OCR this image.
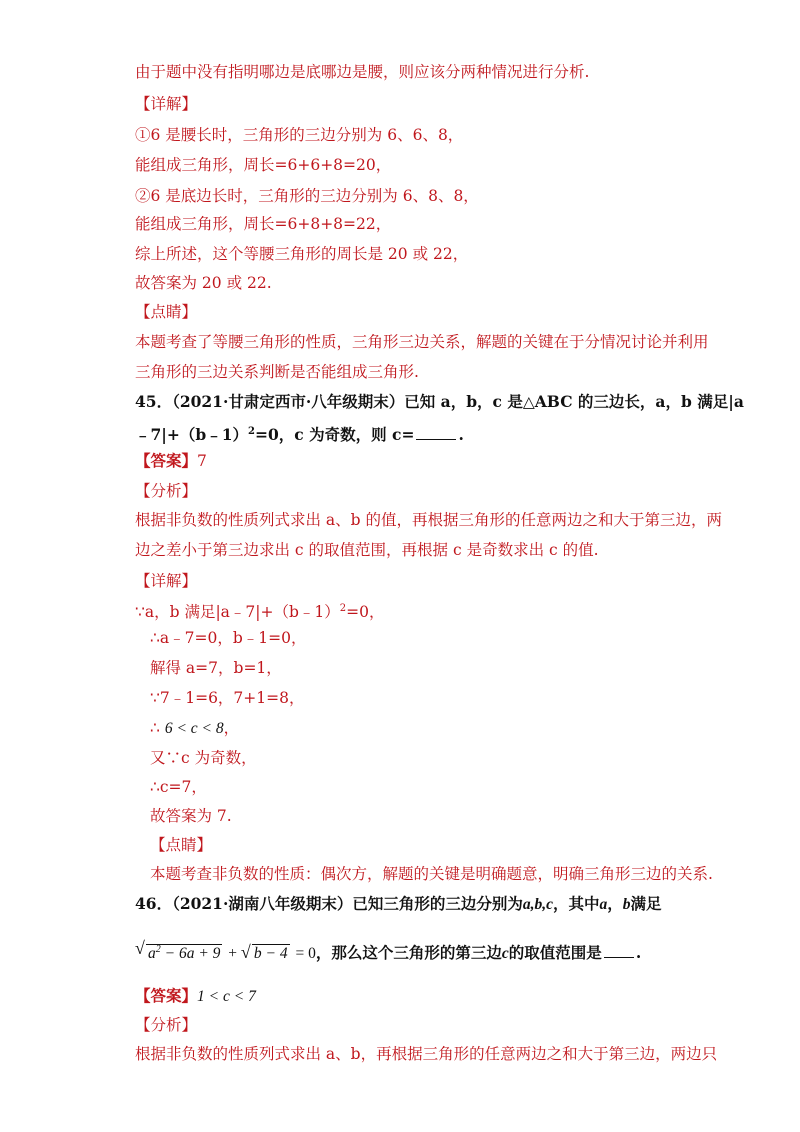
由于题中没有指明哪边是底哪边是腰，则应该分两种情况进行分析.
【详解】
①6 是腰长时，三角形的三边分别为 6、6、8，
能组成三角形，周长=6+6+8=20，
②6 是底边长时，三角形的三边分别为 6、8、8，
能组成三角形，周长=6+8+8=22，
综上所述，这个等腰三角形的周长是 20 或 22，
故答案为 20 或 22.
【点睛】
本题考查了等腰三角形的性质，三角形三边关系，解题的关键在于分情况讨论并利用
三角形的三边关系判断是否能组成三角形.
45．（2021·甘肃定西市·八年级期末）已知 a，b，c 是△ABC 的三边长，a，b 满足|a
﹣7|+（b﹣1）$^2$=0，c 为奇数，则 c=	.
【答案】7
【分析】
根据非负数的性质列式求出 a、b 的值，再根据三角形的任意两边之和大于第三边，两
边之差小于第三边求出 c 的取值范围，再根据 c 是奇数求出 c 的值.
【详解】
∵a，b 满足|a﹣7|+（b﹣1）$^2$=0，
∴a﹣7=0，b﹣1=0，
解得 a=7，b=1，
∵7﹣1=6，7+1=8，
∴ 6 < c < 8，
又∵c 为奇数，
∴c=7，
故答案为 7.
【点睛】
本题考查非负数的性质：偶次方，解题的关键是明确题意，明确三角形三边的关系.
46．（2021·湖南八年级期末）已知三角形的三边分别为a,b,c，其中a，b满足
√ $a^2 - 6a + 9$ + √ b − 4 = 0，那么这个三角形的第三边c的取值范围是 .
【答案】1 < c < 7
【分析】
根据非负数的性质列式求出 a、b，再根据三角形的任意两边之和大于第三边，两边只
